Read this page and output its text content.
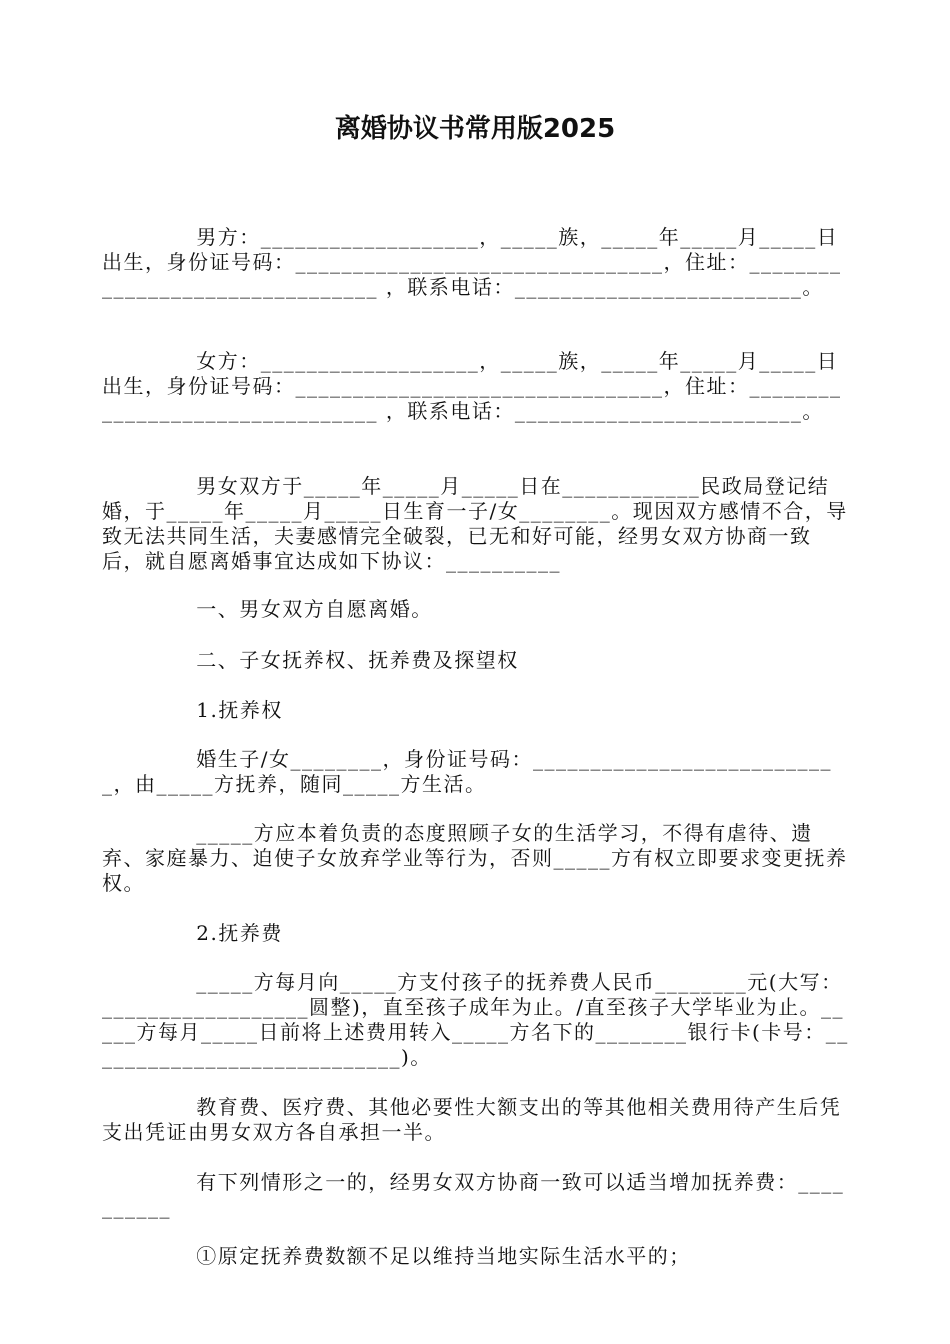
离婚协议书常用版2025

男方：___________________，_____族，_____年_____月_____日出生，身份证号码：________________________________，住址：________________________________ ，联系电话：_________________________。

女方：___________________，_____族，_____年_____月_____日出生，身份证号码：________________________________，住址：________________________________ ，联系电话：_________________________。

男女双方于_____年_____月_____日在____________民政局登记结婚，于_____年_____月_____日生育一子/女________。现因双方感情不合，导致无法共同生活，夫妻感情完全破裂，已无和好可能，经男女双方协商一致后，就自愿离婚事宜达成如下协议：__________

一、男女双方自愿离婚。

二、子女抚养权、抚养费及探望权

1.抚养权

婚生子/女________，身份证号码：___________________________，由_____方抚养，随同_____方生活。

_____方应本着负责的态度照顾子女的生活学习，不得有虐待、遗弃、家庭暴力、迫使子女放弃学业等行为，否则_____方有权立即要求变更抚养权。

2.抚养费

_____方每月向_____方支付孩子的抚养费人民币________元(大写：__________________圆整)，直至孩子成年为止。/直至孩子大学毕业为止。_____方每月_____日前将上述费用转入_____方名下的________银行卡(卡号：____________________________)。

教育费、医疗费、其他必要性大额支出的等其他相关费用待产生后凭支出凭证由男女双方各自承担一半。

有下列情形之一的，经男女双方协商一致可以适当增加抚养费：__________

①原定抚养费数额不足以维持当地实际生活水平的；
